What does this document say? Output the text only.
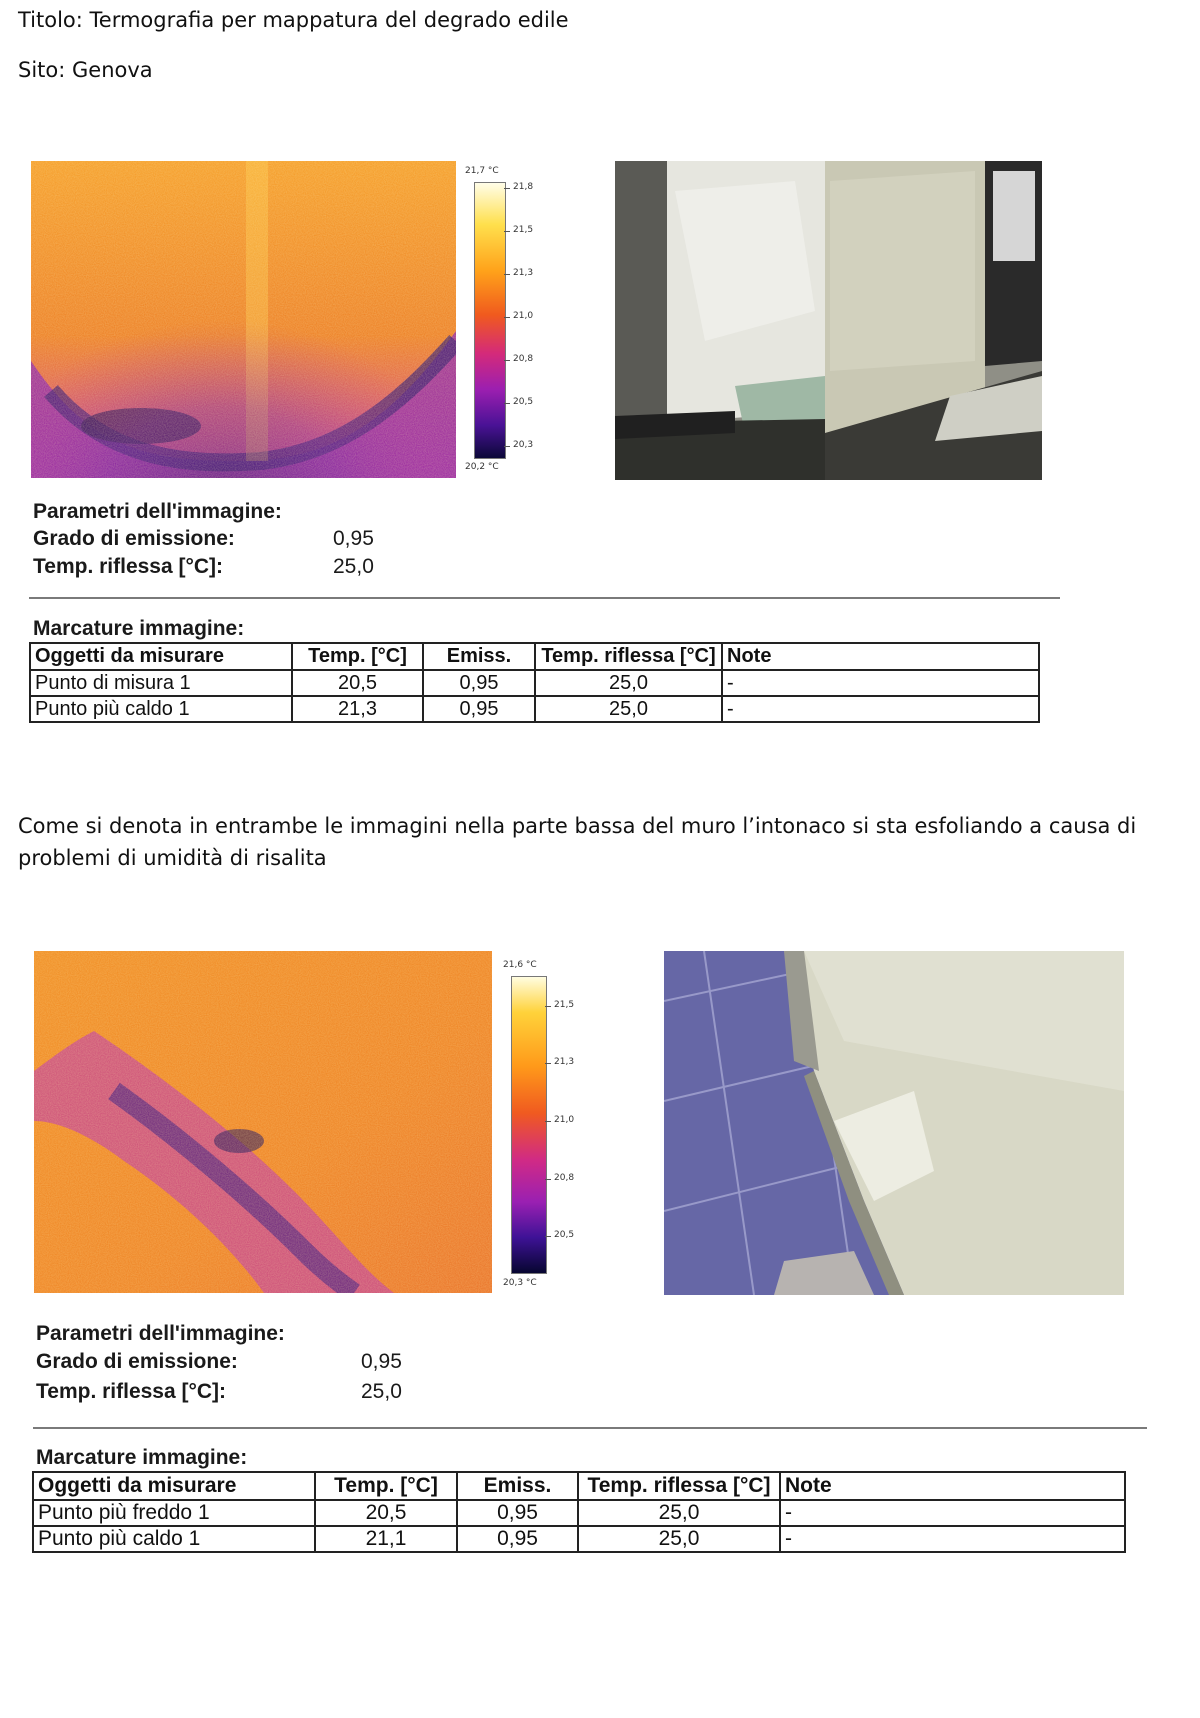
Titolo: Termografia per mappatura del degrado edile
Sito: Genova
21,7 °C
21,8
21,5
21,3
21,0
20,8
20,5
20,3
20,2 °C
Parametri dell'immagine:
Grado di emissione:	0,95
Temp. riflessa [°C]:	25,0
Marcature immagine:
Oggetti da misurare	Temp. [°C]	Emiss.	Temp. riflessa [°C]	Note
Punto di misura 1	20,5	0,95	25,0	-
Punto più caldo 1	21,3	0,95	25,0	-
Come si denota in entrambe le immagini nella parte bassa del muro l’intonaco si sta esfoliando a causa di problemi di umidità di risalita
21,6 °C
21,5
21,3
21,0
20,8
20,5
20,3 °C
Parametri dell'immagine:
Grado di emissione:	0,95
Temp. riflessa [°C]:	25,0
Marcature immagine:
Oggetti da misurare	Temp. [°C]	Emiss.	Temp. riflessa [°C]	Note
Punto più freddo 1	20,5	0,95	25,0	-
Punto più caldo 1	21,1	0,95	25,0	-
